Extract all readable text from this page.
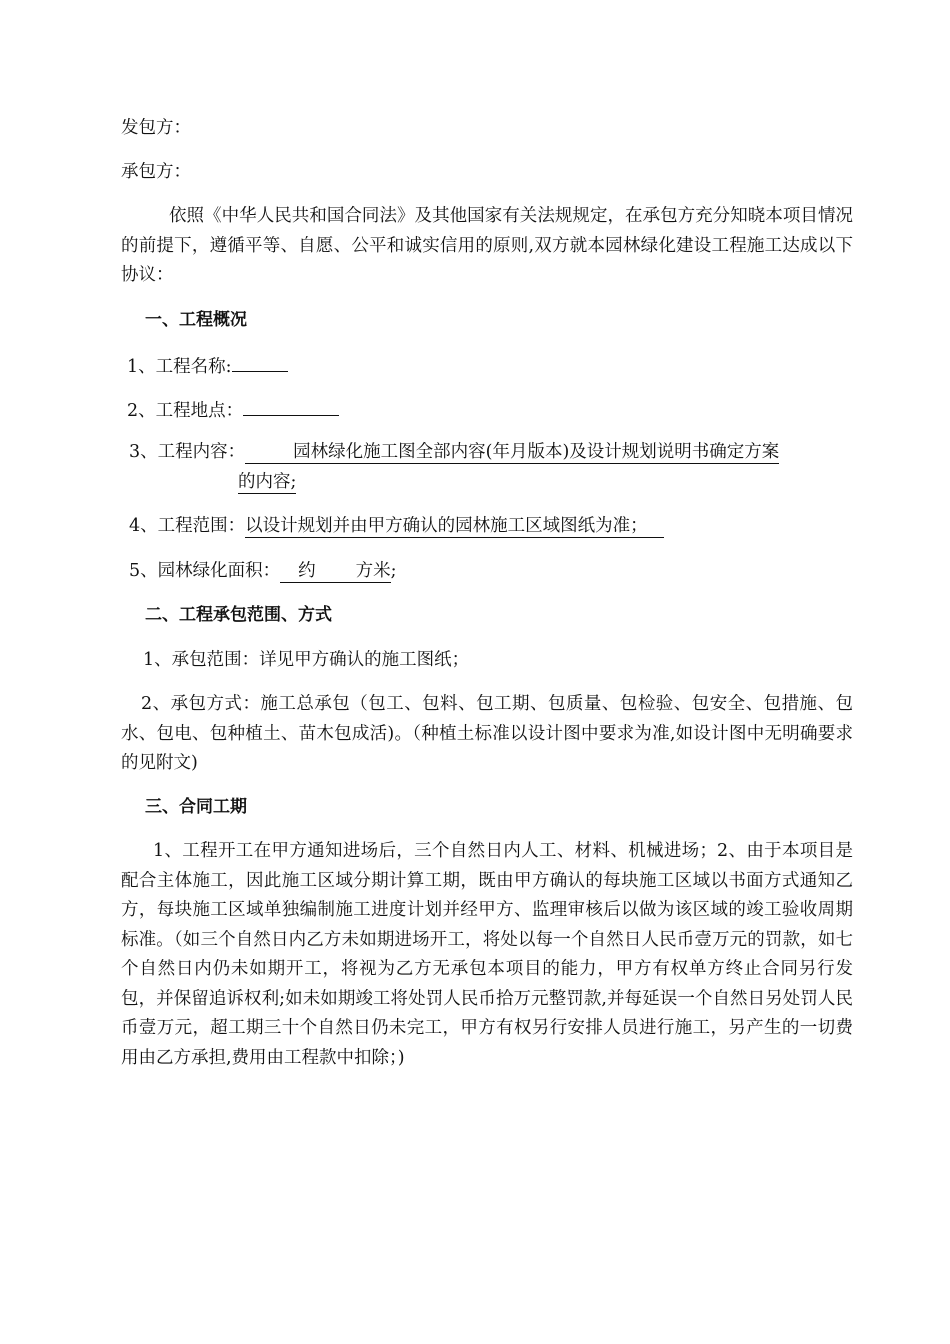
发包方：
承包方：
依照《中华人民共和国合同法》及其他国家有关法规规定，在承包方充分知晓本项目情况的前提下，遵循平等、自愿、公平和诚实信用的原则,双方就本园林绿化建设工程施工达成以下协议：
一、工程概况
1、工程名称:
2、工程地点：
3、工程内容：	园林绿化施工图全部内容(年月版本)及设计规划说明书确定方案
的内容;
4、工程范围：以设计规划并由甲方确认的园林施工区域图纸为准；
5、园林绿化面积： 约 方米;
二、工程承包范围、方式
1、承包范围：详见甲方确认的施工图纸；
2、承包方式：施工总承包（包工、包料、包工期、包质量、包检验、包安全、包措施、包水、包电、包种植土、苗木包成活)。（种植土标准以设计图中要求为准,如设计图中无明确要求的见附文)
三、合同工期
1、工程开工在甲方通知进场后，三个自然日内人工、材料、机械进场；2、由于本项目是配合主体施工，因此施工区域分期计算工期，既由甲方确认的每块施工区域以书面方式通知乙方，每块施工区域单独编制施工进度计划并经甲方、监理审核后以做为该区域的竣工验收周期标准。（如三个自然日内乙方未如期进场开工，将处以每一个自然日人民币壹万元的罚款，如七个自然日内仍未如期开工，将视为乙方无承包本项目的能力，甲方有权单方终止合同另行发包，并保留追诉权利;如未如期竣工将处罚人民币拾万元整罚款,并每延误一个自然日另处罚人民币壹万元，超工期三十个自然日仍未完工，甲方有权另行安排人员进行施工，另产生的一切费用由乙方承担,费用由工程款中扣除；)
